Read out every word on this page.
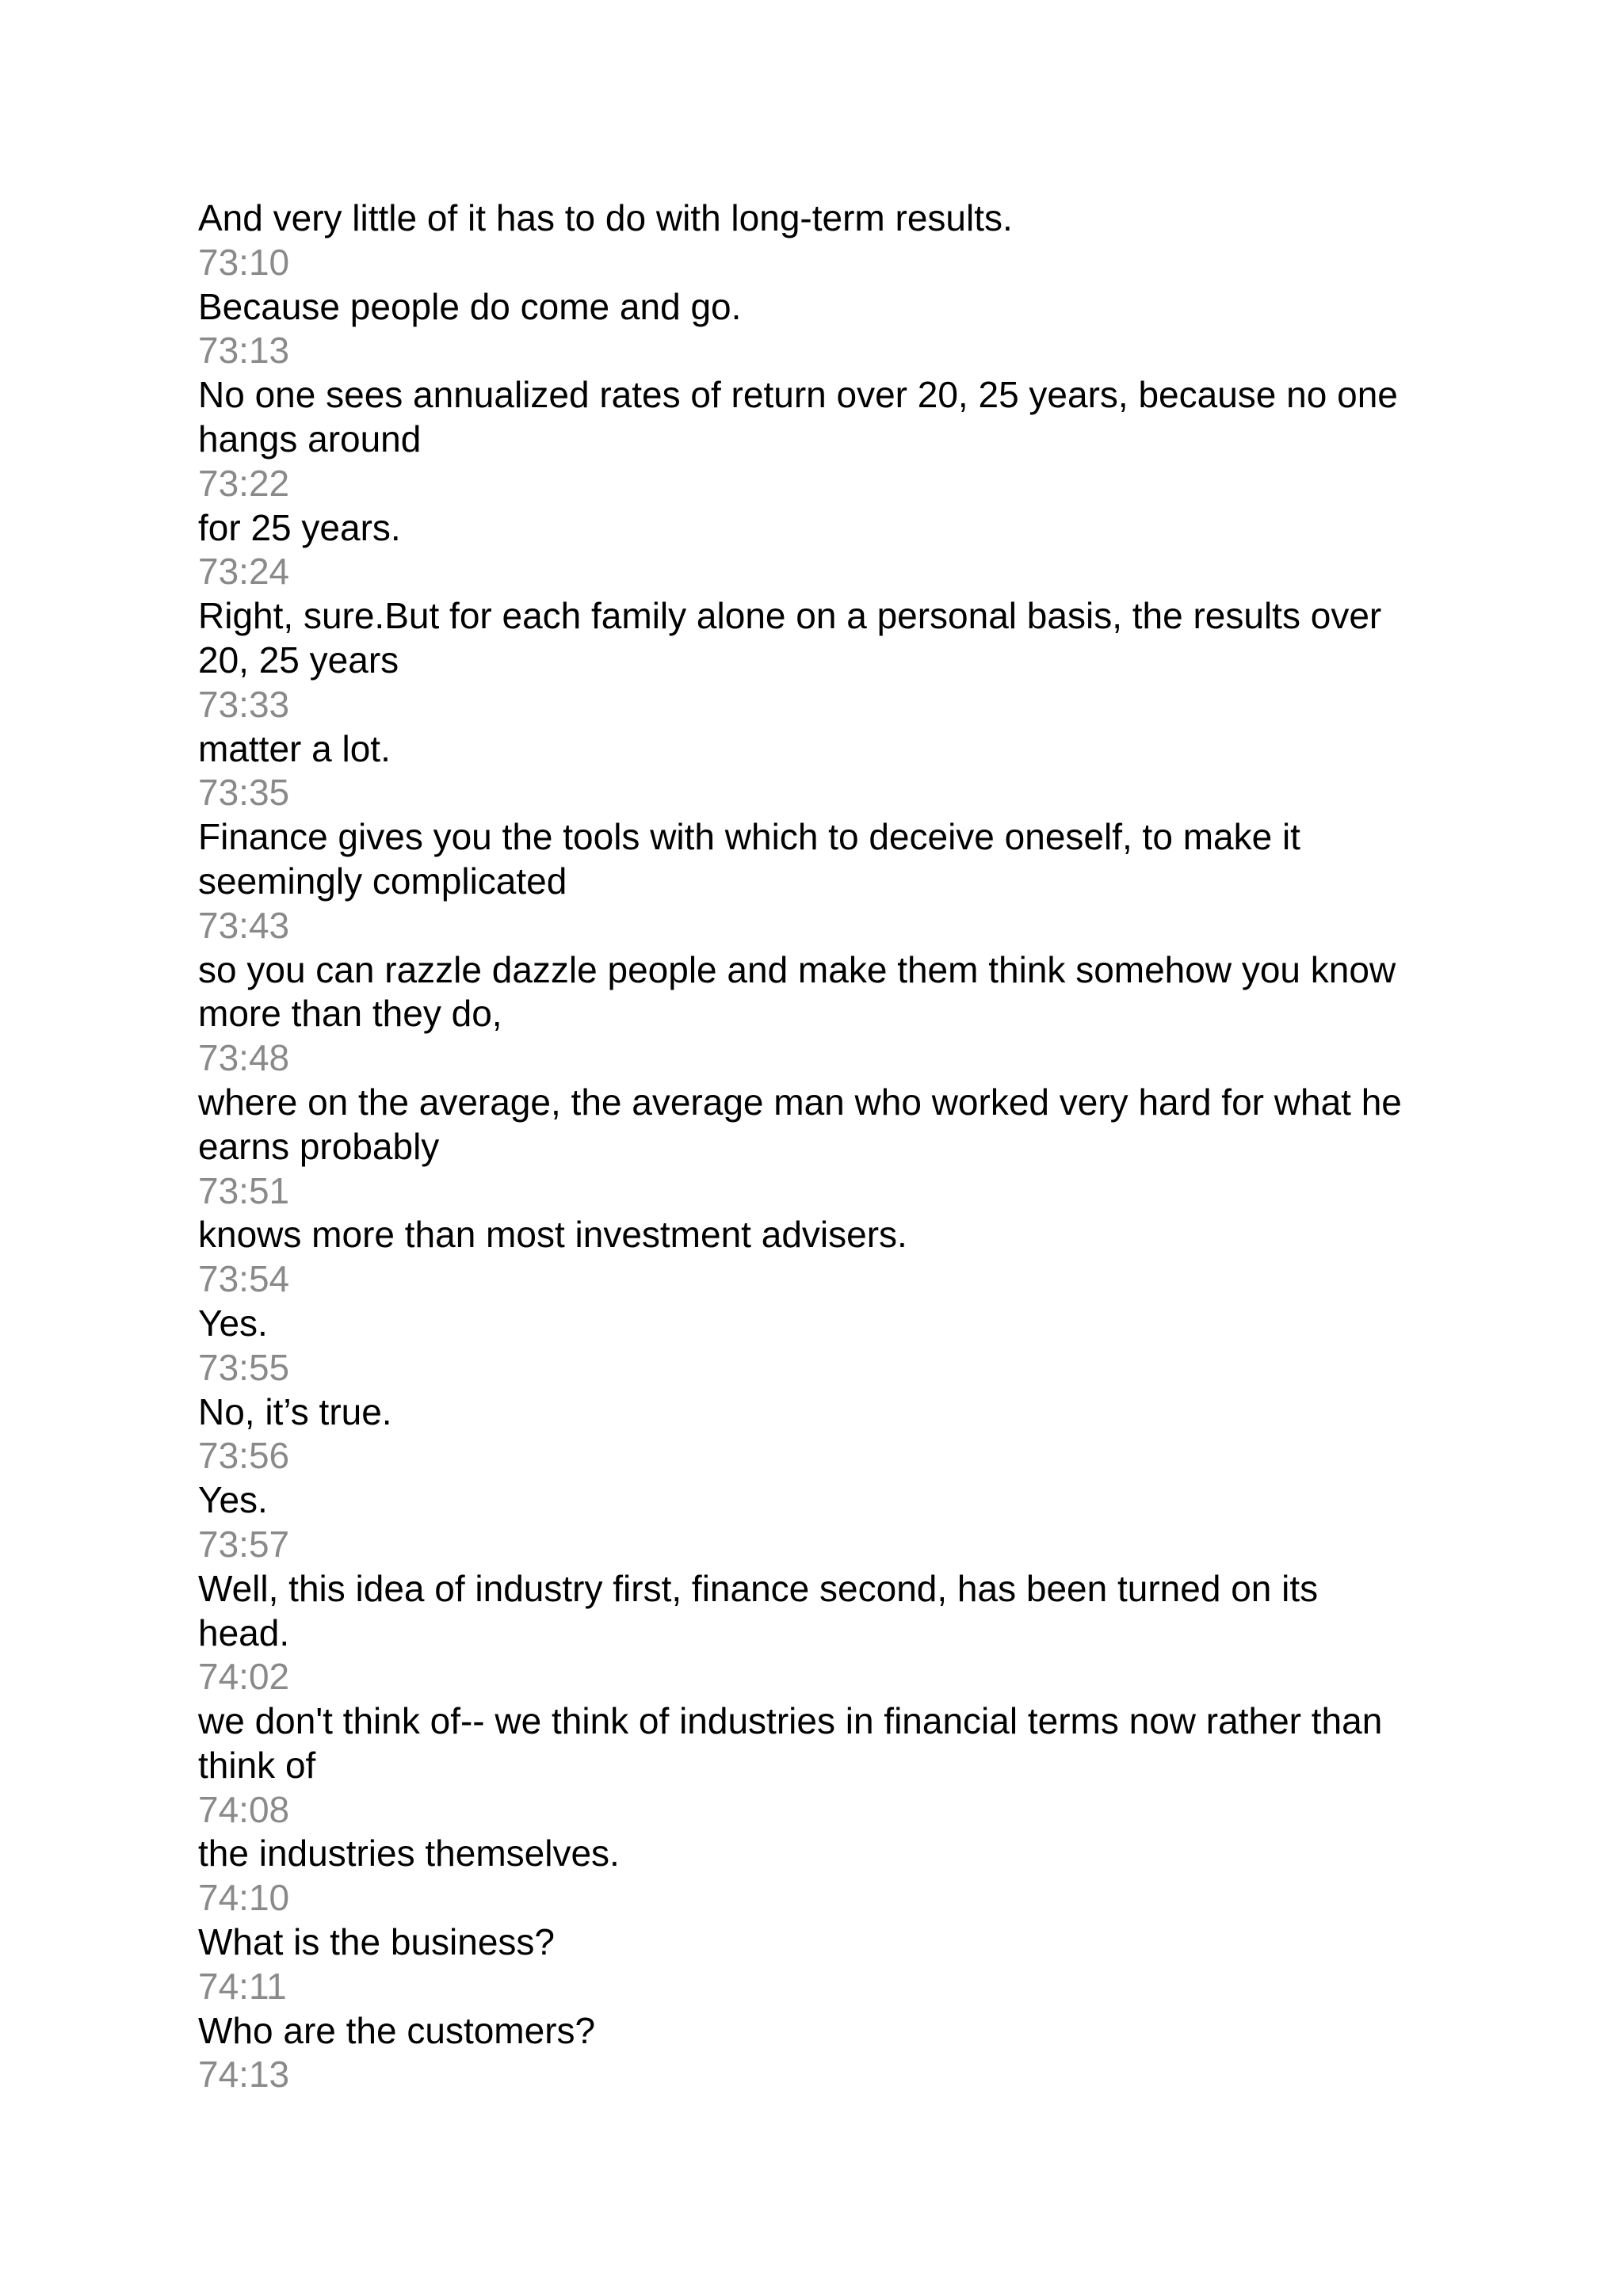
And very little of it has to do with long-term results.
73:10
Because people do come and go.
73:13
No one sees annualized rates of return over 20, 25 years, because no one hangs around
73:22
for 25 years.
73:24
Right, sure.But for each family alone on a personal basis, the results over 20, 25 years
73:33
matter a lot.
73:35
Finance gives you the tools with which to deceive oneself, to make it seemingly complicated
73:43
so you can razzle dazzle people and make them think somehow you know more than they do,
73:48
where on the average, the average man who worked very hard for what he earns probably
73:51
knows more than most investment advisers.
73:54
Yes.
73:55
No, it’s true.
73:56
Yes.
73:57
Well, this idea of industry first, finance second, has been turned on its head.
74:02
we don't think of-- we think of industries in financial terms now rather than think of
74:08
the industries themselves.
74:10
What is the business?
74:11
Who are the customers?
74:13
